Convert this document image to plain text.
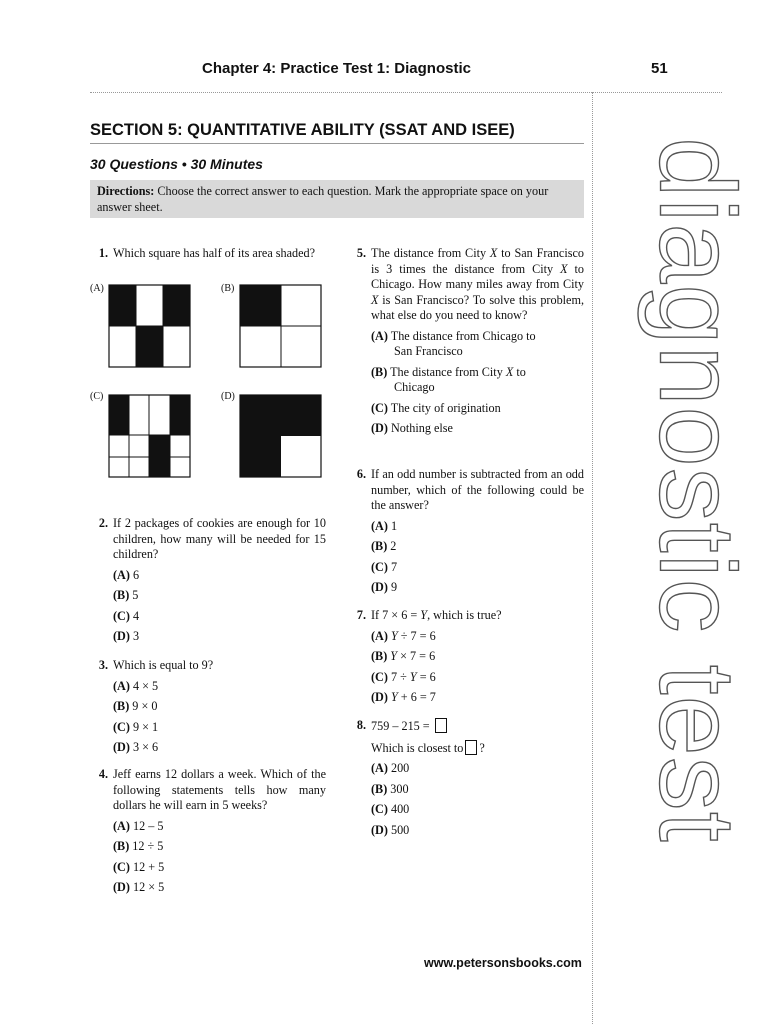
Chapter 4: Practice Test 1: Diagnostic	51
diagnostic test
SECTION 5: QUANTITATIVE ABILITY (SSAT AND ISEE)
30 Questions • 30 Minutes
Directions: Choose the correct answer to each question. Mark the appropriate space on your answer sheet.
1. Which square has half of its area shaded?
(A)	(B)
(C)	(D)
2. If 2 packages of cookies are enough for 10 children, how many will be needed for 15 children?
(A) 6
(B) 5
(C) 4
(D) 3
3. Which is equal to 9?
(A) 4 × 5
(B) 9 × 0
(C) 9 × 1
(D) 3 × 6
4. Jeff earns 12 dollars a week. Which of the following statements tells how many dollars he will earn in 5 weeks?
(A) 12 – 5
(B) 12 ÷ 5
(C) 12 + 5
(D) 12 × 5
5. The distance from City X to San Francisco is 3 times the distance from City X to Chicago. How many miles away from City X is San Francisco? To solve this problem, what else do you need to know?
(A) The distance from Chicago to
San Francisco
(B) The distance from City X to
Chicago
(C) The city of origination
(D) Nothing else
6. If an odd number is subtracted from an odd number, which of the following could be the answer?
(A) 1
(B) 2
(C) 7
(D) 9
7. If 7 × 6 = Y, which is true?
(A) Y ÷ 7 = 6
(B) Y × 7 = 6
(C) 7 ÷ Y = 6
(D) Y + 6 = 7
8. 759 – 215 =
Which is closest to ?
(A) 200
(B) 300
(C) 400
(D) 500
www.petersonsbooks.com
